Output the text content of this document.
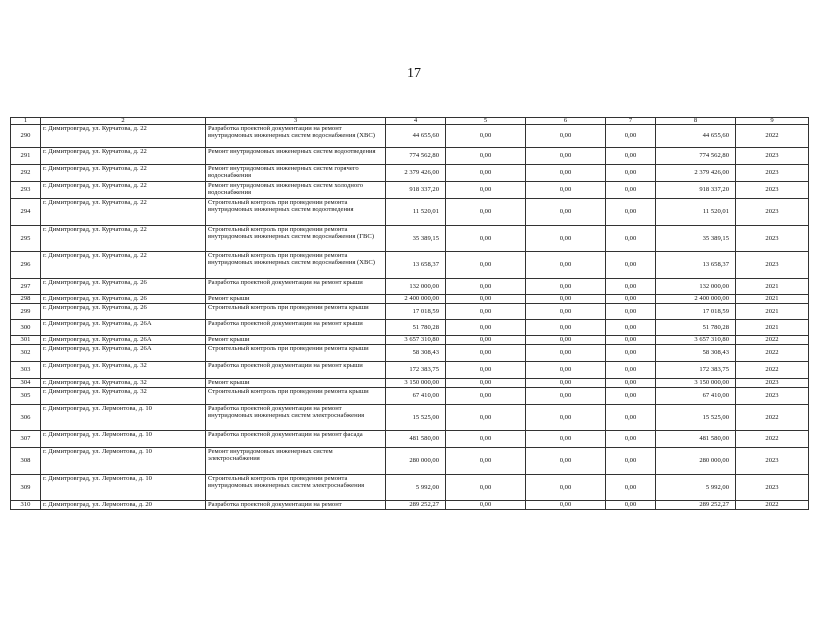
17
1	2	3	4	5	6	7	8	9
290	г. Димитровград, ул. Курчатова, д. 22	Разработка проектной документации на ремонт внутридомовых инженерных систем водоснабжения (ХВС)	44 655,60	0,00	0,00	0,00	44 655,60	2022
291	г. Димитровград, ул. Курчатова, д. 22	Ремонт внутридомовых инженерных систем водоотведения	774 562,80	0,00	0,00	0,00	774 562,80	2023
292	г. Димитровград, ул. Курчатова, д. 22	Ремонт внутридомовых инженерных систем горячего водоснабжения	2 379 426,00	0,00	0,00	0,00	2 379 426,00	2023
293	г. Димитровград, ул. Курчатова, д. 22	Ремонт внутридомовых инженерных систем холодного водоснабжения	918 337,20	0,00	0,00	0,00	918 337,20	2023
294	г. Димитровград, ул. Курчатова, д. 22	Строительный контроль при проведении ремонта внутридомовых инженерных систем водоотведения	11 520,01	0,00	0,00	0,00	11 520,01	2023
295	г. Димитровград, ул. Курчатова, д. 22	Строительный контроль при проведении ремонта внутридомовых инженерных систем водоснабжения (ГВС)	35 389,15	0,00	0,00	0,00	35 389,15	2023
296	г. Димитровград, ул. Курчатова, д. 22	Строительный контроль при проведении ремонта внутридомовых инженерных систем водоснабжения (ХВС)	13 658,37	0,00	0,00	0,00	13 658,37	2023
297	г. Димитровград, ул. Курчатова, д. 26	Разработка проектной документации на ремонт крыши	132 000,00	0,00	0,00	0,00	132 000,00	2021
298	г. Димитровград, ул. Курчатова, д. 26	Ремонт крыши	2 400 000,00	0,00	0,00	0,00	2 400 000,00	2021
299	г. Димитровград, ул. Курчатова, д. 26	Строительный контроль при проведении ремонта крыши	17 018,59	0,00	0,00	0,00	17 018,59	2021
300	г. Димитровград, ул. Курчатова, д. 26А	Разработка проектной документации на ремонт крыши	51 780,28	0,00	0,00	0,00	51 780,28	2021
301	г. Димитровград, ул. Курчатова, д. 26А	Ремонт крыши	3 657 310,80	0,00	0,00	0,00	3 657 310,80	2022
302	г. Димитровград, ул. Курчатова, д. 26А	Строительный контроль при проведении ремонта крыши	58 308,43	0,00	0,00	0,00	58 308,43	2022
303	г. Димитровград, ул. Курчатова, д. 32	Разработка проектной документации на ремонт крыши	172 383,75	0,00	0,00	0,00	172 383,75	2022
304	г. Димитровград, ул. Курчатова, д. 32	Ремонт крыши	3 150 000,00	0,00	0,00	0,00	3 150 000,00	2023
305	г. Димитровград, ул. Курчатова, д. 32	Строительный контроль при проведении ремонта крыши	67 410,00	0,00	0,00	0,00	67 410,00	2023
306	г. Димитровград, ул. Лермонтова, д. 10	Разработка проектной документации на ремонт внутридомовых инженерных систем электроснабжения	15 525,00	0,00	0,00	0,00	15 525,00	2022
307	г. Димитровград, ул. Лермонтова, д. 10	Разработка проектной документации на ремонт фасада	481 580,00	0,00	0,00	0,00	481 580,00	2022
308	г. Димитровград, ул. Лермонтова, д. 10	Ремонт внутридомовых инженерных систем электроснабжения	280 000,00	0,00	0,00	0,00	280 000,00	2023
309	г. Димитровград, ул. Лермонтова, д. 10	Строительный контроль при проведении ремонта внутридомовых инженерных систем электроснабжения	5 992,00	0,00	0,00	0,00	5 992,00	2023
310	г. Димитровград, ул. Лермонтова, д. 20	Разработка проектной документации на ремонт	289 252,27	0,00	0,00	0,00	289 252,27	2022
